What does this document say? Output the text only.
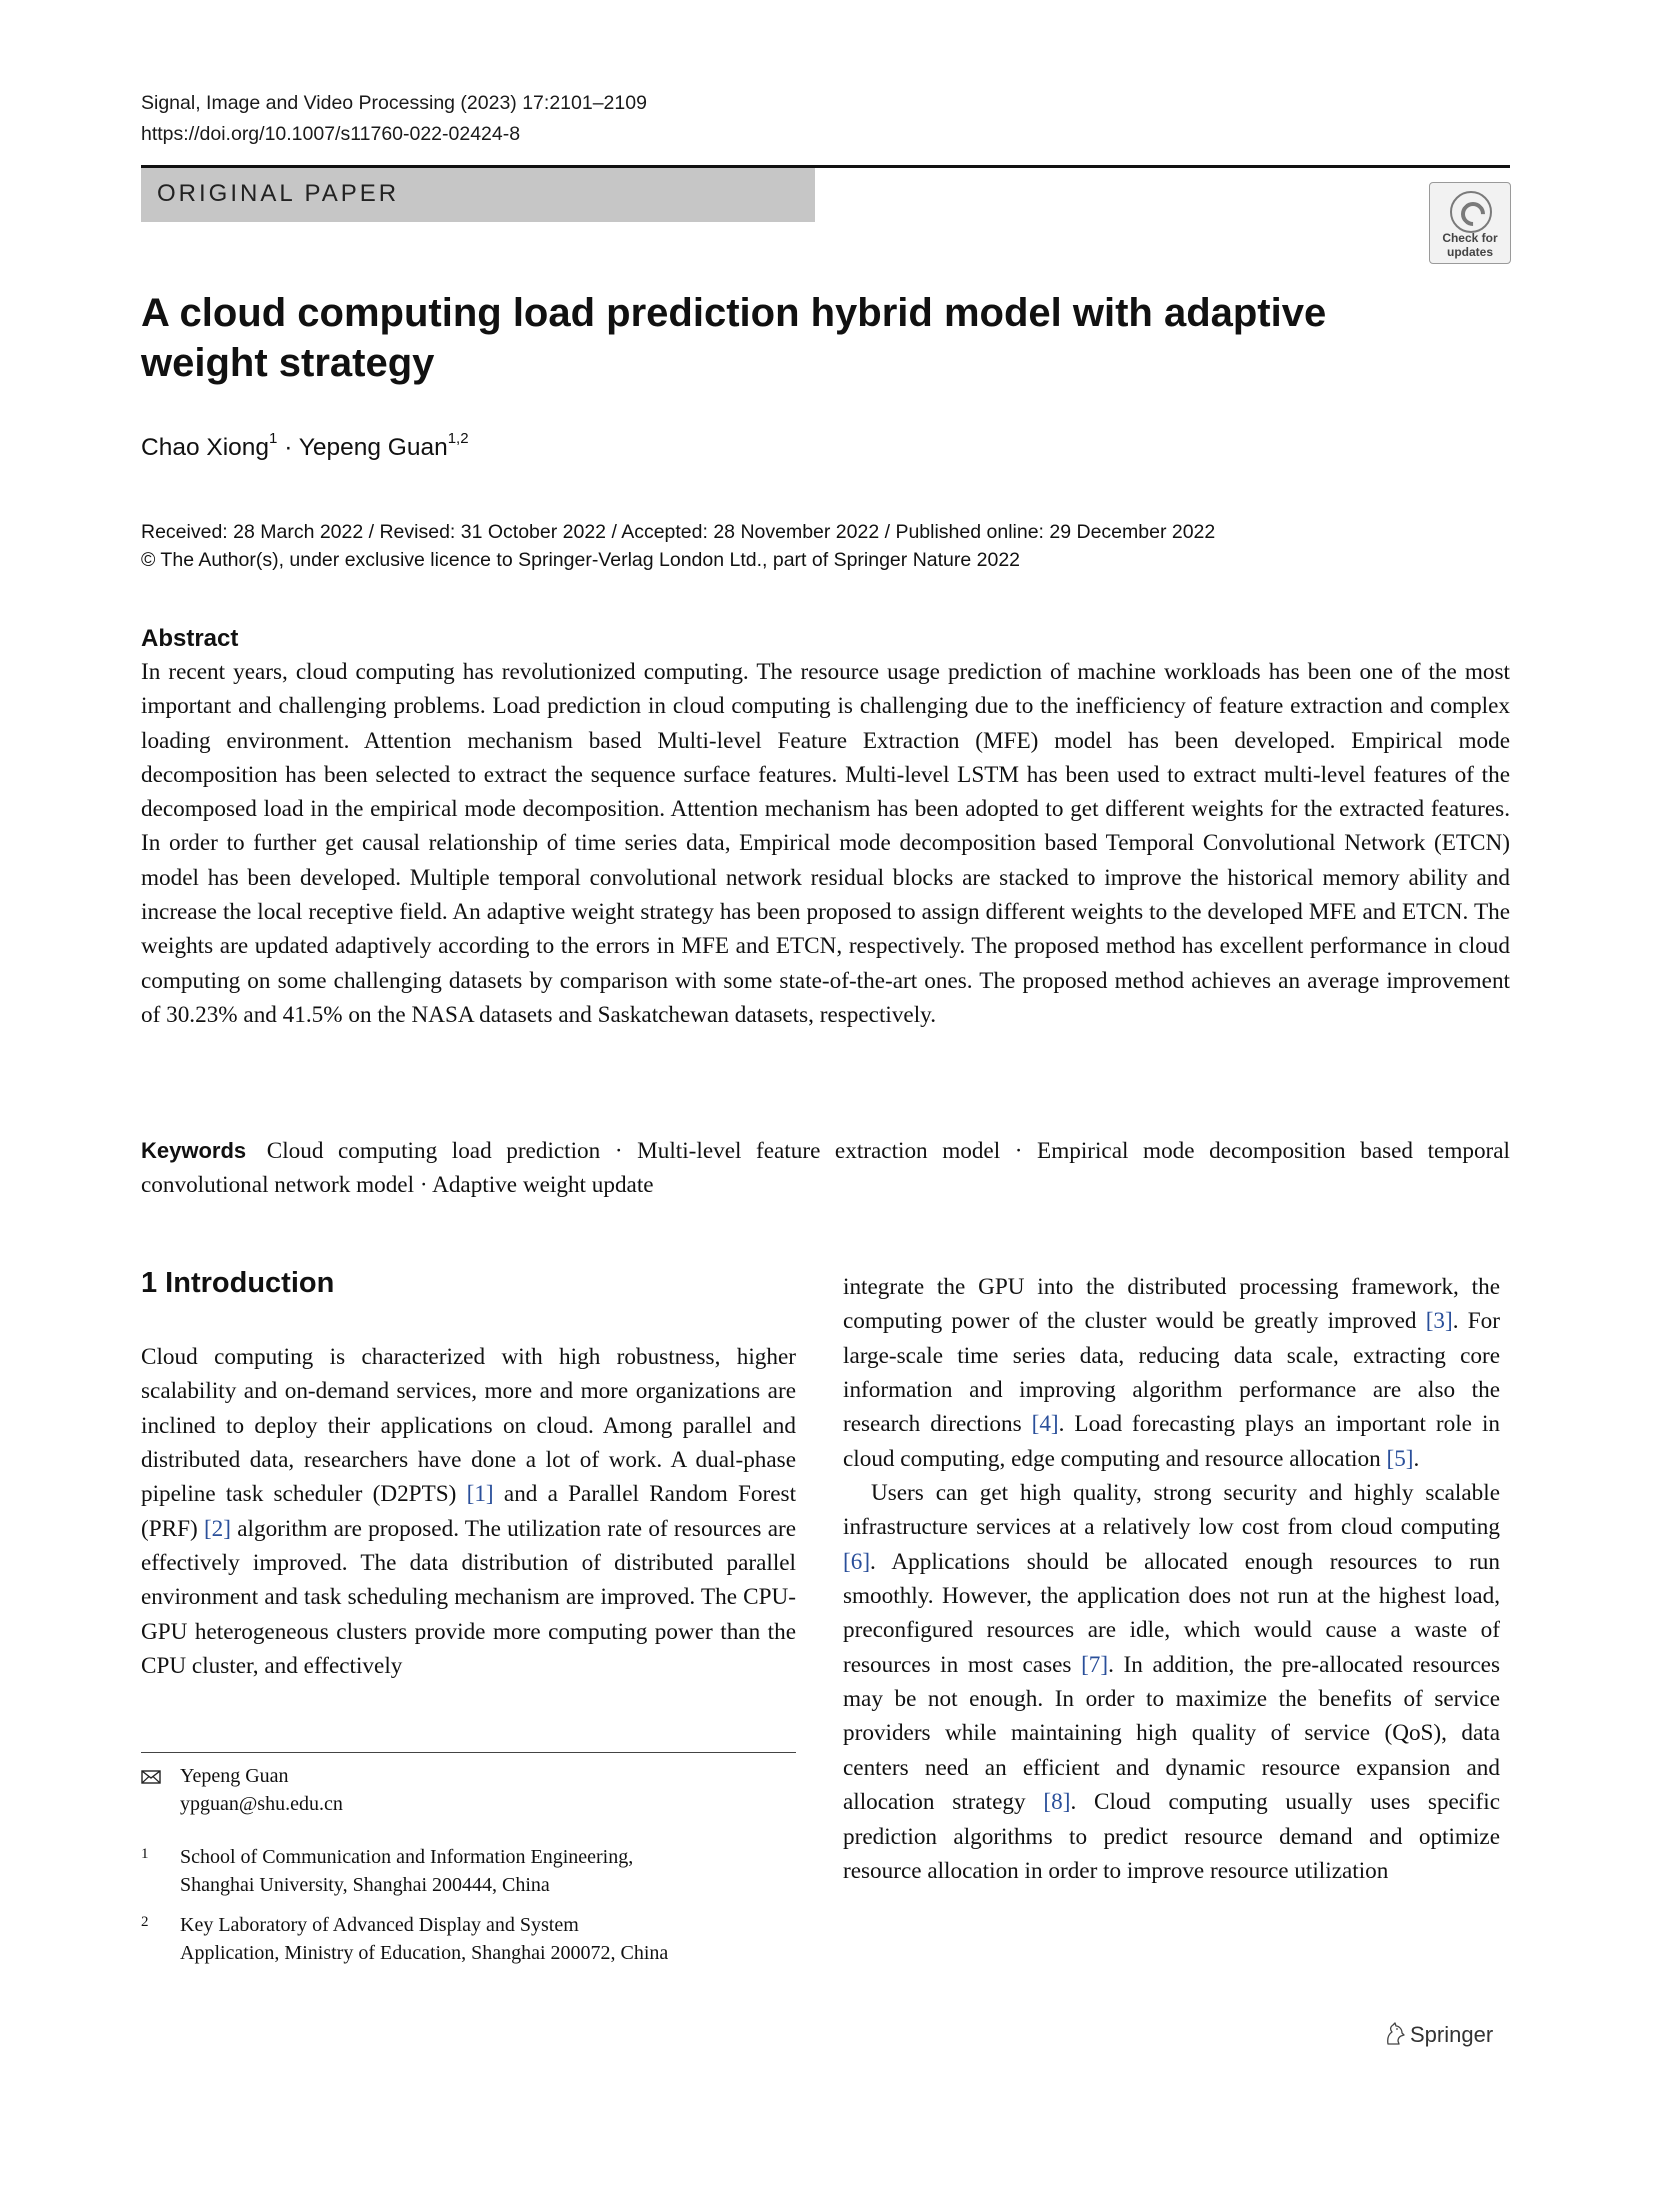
Signal, Image and Video Processing (2023) 17:2101–2109
https://doi.org/10.1007/s11760-022-02424-8
ORIGINAL PAPER
Check for updates
A cloud computing load prediction hybrid model with adaptive weight strategy
Chao Xiong$^1$ · Yepeng Guan$^{1,2}$
Received: 28 March 2022 / Revised: 31 October 2022 / Accepted: 28 November 2022 / Published online: 29 December 2022
© The Author(s), under exclusive licence to Springer-Verlag London Ltd., part of Springer Nature 2022
Abstract

In recent years, cloud computing has revolutionized computing. The resource usage prediction of machine workloads has been one of the most important and challenging problems. Load prediction in cloud computing is challenging due to the inefficiency of feature extraction and complex loading environment. Attention mechanism based Multi-level Feature Extraction (MFE) model has been developed. Empirical mode decomposition has been selected to extract the sequence surface features. Multi-level LSTM has been used to extract multi-level features of the decomposed load in the empirical mode decomposition. Attention mechanism has been adopted to get different weights for the extracted features. In order to further get causal relationship of time series data, Empirical mode decomposition based Temporal Convolutional Network (ETCN) model has been developed. Multiple temporal convolutional network residual blocks are stacked to improve the historical memory ability and increase the local receptive field. An adaptive weight strategy has been proposed to assign different weights to the developed MFE and ETCN. The weights are updated adaptively according to the errors in MFE and ETCN, respectively. The proposed method has excellent performance in cloud computing on some challenging datasets by comparison with some state-of-the-art ones. The proposed method achieves an average improvement of 30.23% and 41.5% on the NASA datasets and Saskatchewan datasets, respectively.

Keywords Cloud computing load prediction · Multi-level feature extraction model · Empirical mode decomposition based temporal convolutional network model · Adaptive weight update

1 Introduction

Cloud computing is characterized with high robustness, higher scalability and on-demand services, more and more organizations are inclined to deploy their applications on cloud. Among parallel and distributed data, researchers have done a lot of work. A dual-phase pipeline task scheduler (D2PTS) [1] and a Parallel Random Forest (PRF) [2] algorithm are proposed. The utilization rate of resources are effectively improved. The data distribution of distributed parallel environment and task scheduling mechanism are improved. The CPU-GPU heterogeneous clusters provide more computing power than the CPU cluster, and effectively

integrate the GPU into the distributed processing framework, the computing power of the cluster would be greatly improved [3]. For large-scale time series data, reducing data scale, extracting core information and improving algorithm performance are also the research directions [4]. Load forecasting plays an important role in cloud computing, edge computing and resource allocation [5].

Users can get high quality, strong security and highly scalable infrastructure services at a relatively low cost from cloud computing [6]. Applications should be allocated enough resources to run smoothly. However, the application does not run at the highest load, preconfigured resources are idle, which would cause a waste of resources in most cases [7]. In addition, the pre-allocated resources may be not enough. In order to maximize the benefits of service providers while maintaining high quality of service (QoS), data centers need an efficient and dynamic resource expansion and allocation strategy [8]. Cloud computing usually uses specific prediction algorithms to predict resource demand and optimize resource allocation in order to improve resource utilization

Yepeng Guan
ypguan@shu.edu.cn
1	School of Communication and Information Engineering,
Shanghai University, Shanghai 200444, China
2	Key Laboratory of Advanced Display and System
Application, Ministry of Education, Shanghai 200072, China
Springer
